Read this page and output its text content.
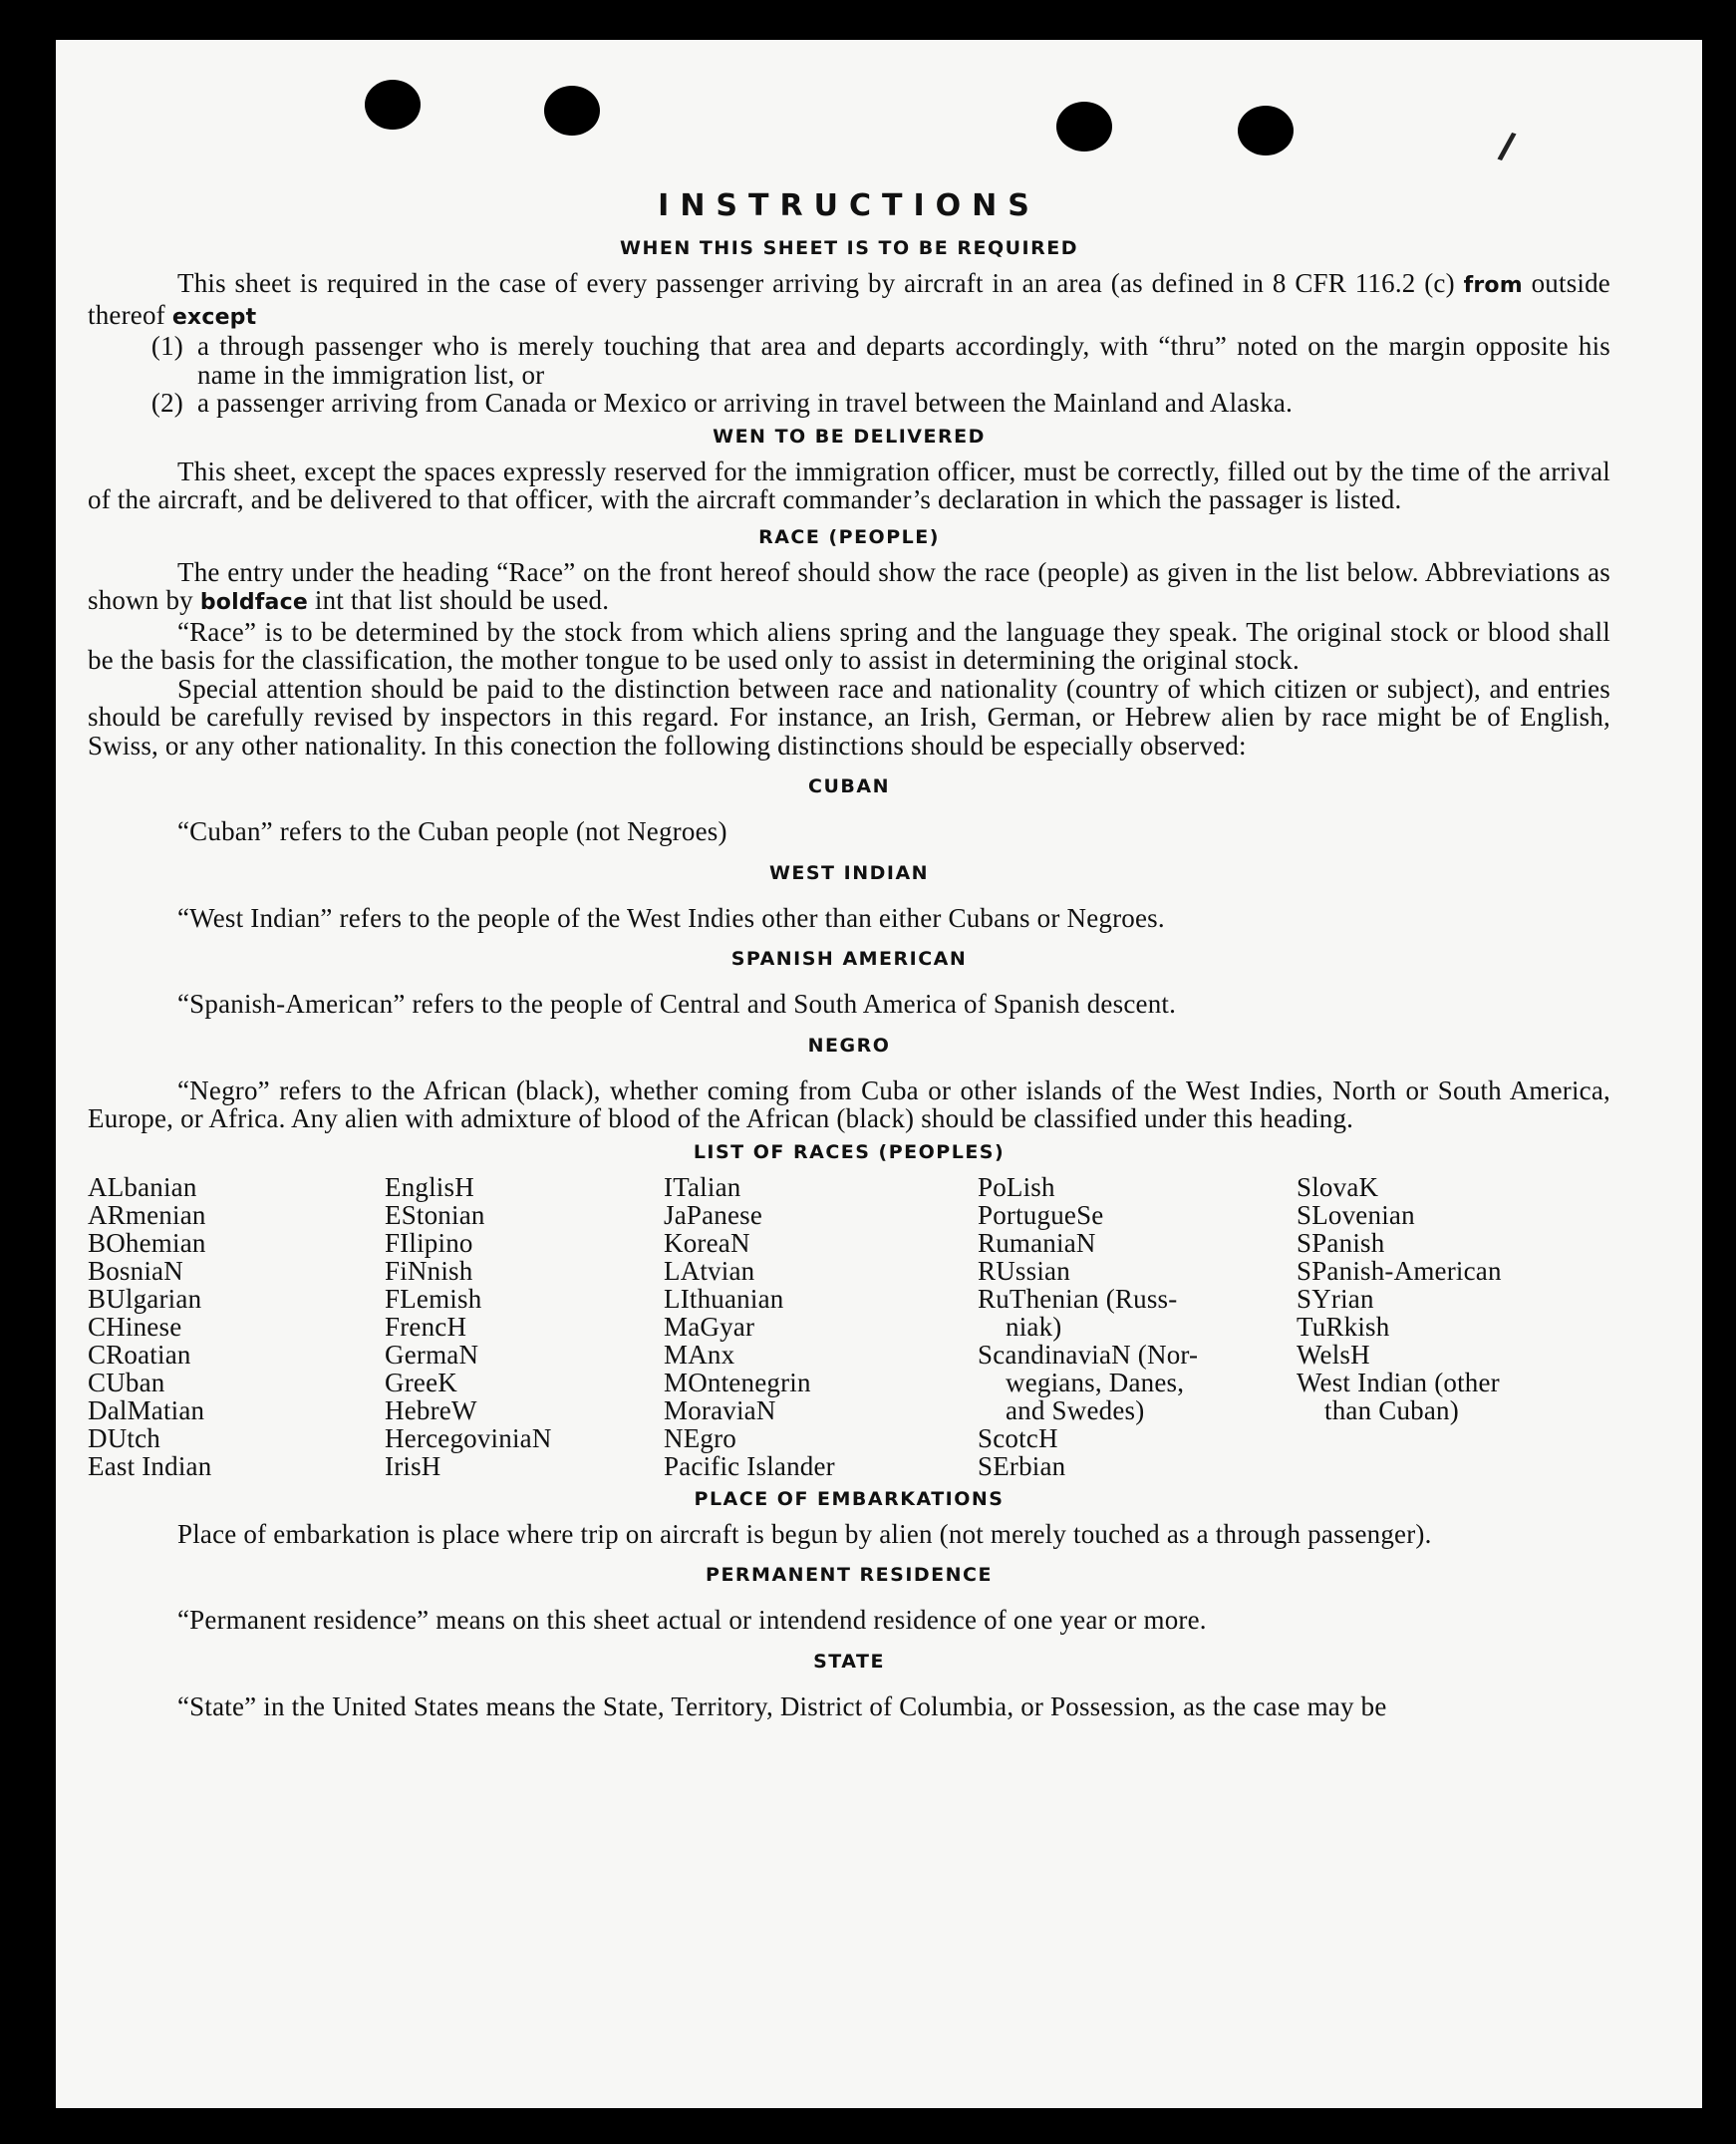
/
INSTRUCTIONS
WHEN THIS SHEET IS TO BE REQUIRED

This sheet is required in the case of every passenger arriving by aircraft in an area (as defined in 8 CFR 116.2 (c) from outside thereof except

(1) a through passenger who is merely touching that area and departs accordingly, with “thru” noted on the margin opposite his name in the immigration list, or
(2) a passenger arriving from Canada or Mexico or arriving in travel between the Mainland and Alaska.
WEN TO BE DELIVERED

This sheet, except the spaces expressly reserved for the immigration officer, must be correctly, filled out by the time of the arrival of the aircraft, and be delivered to that officer, with the aircraft commander’s declaration in which the passager is listed.

RACE (PEOPLE)

The entry under the heading “Race” on the front hereof should show the race (people) as given in the list below. Abbreviations as shown by boldface int that list should be used.

“Race” is to be determined by the stock from which aliens spring and the language they speak. The original stock or blood shall be the basis for the classification, the mother tongue to be used only to assist in determining the original stock.

Special attention should be paid to the distinction between race and nationality (country of which citizen or subject), and entries should be carefully revised by inspectors in this regard. For instance, an Irish, German, or Hebrew alien by race might be of English, Swiss, or any other nationality. In this conection the following distinctions should be especially observed:

CUBAN

“Cuban” refers to the Cuban people (not Negroes)

WEST INDIAN

“West Indian” refers to the people of the West Indies other than either Cubans or Negroes.

SPANISH AMERICAN

“Spanish-American” refers to the people of Central and South America of Spanish descent.

NEGRO

“Negro” refers to the African (black), whether coming from Cuba or other islands of the West Indies, North or South America, Europe, or Africa. Any alien with admixture of blood of the African (black) should be classified under this heading.

LIST OF RACES (PEOPLES)
ALbanian
ARmenian
BOhemian
BosniaN
BUlgarian
CHinese
CRoatian
CUban
DalMatian
DUtch
East Indian
EnglisH
EStonian
FIlipino
FiNnish
FLemish
FrencH
GermaN
GreeK
HebreW
HercegoviniaN
IrisH
ITalian
JaPanese
KoreaN
LAtvian
LIthuanian
MaGyar
MAnx
MOntenegrin
MoraviaN
NEgro
Pacific Islander
PoLish
PortugueSe
RumaniaN
RUssian
RuThenian (Russ-
niak)
ScandinaviaN (Nor-
wegians, Danes,
and Swedes)
ScotcH
SErbian
SlovaK
SLovenian
SPanish
SPanish-American
SYrian
TuRkish
WelsH
West Indian (other
than Cuban)
PLACE OF EMBARKATIONS

Place of embarkation is place where trip on aircraft is begun by alien (not merely touched as a through passenger).

PERMANENT RESIDENCE

“Permanent residence” means on this sheet actual or intendend residence of one year or more.

STATE

“State” in the United States means the State, Territory, District of Columbia, or Possession, as the case may be
